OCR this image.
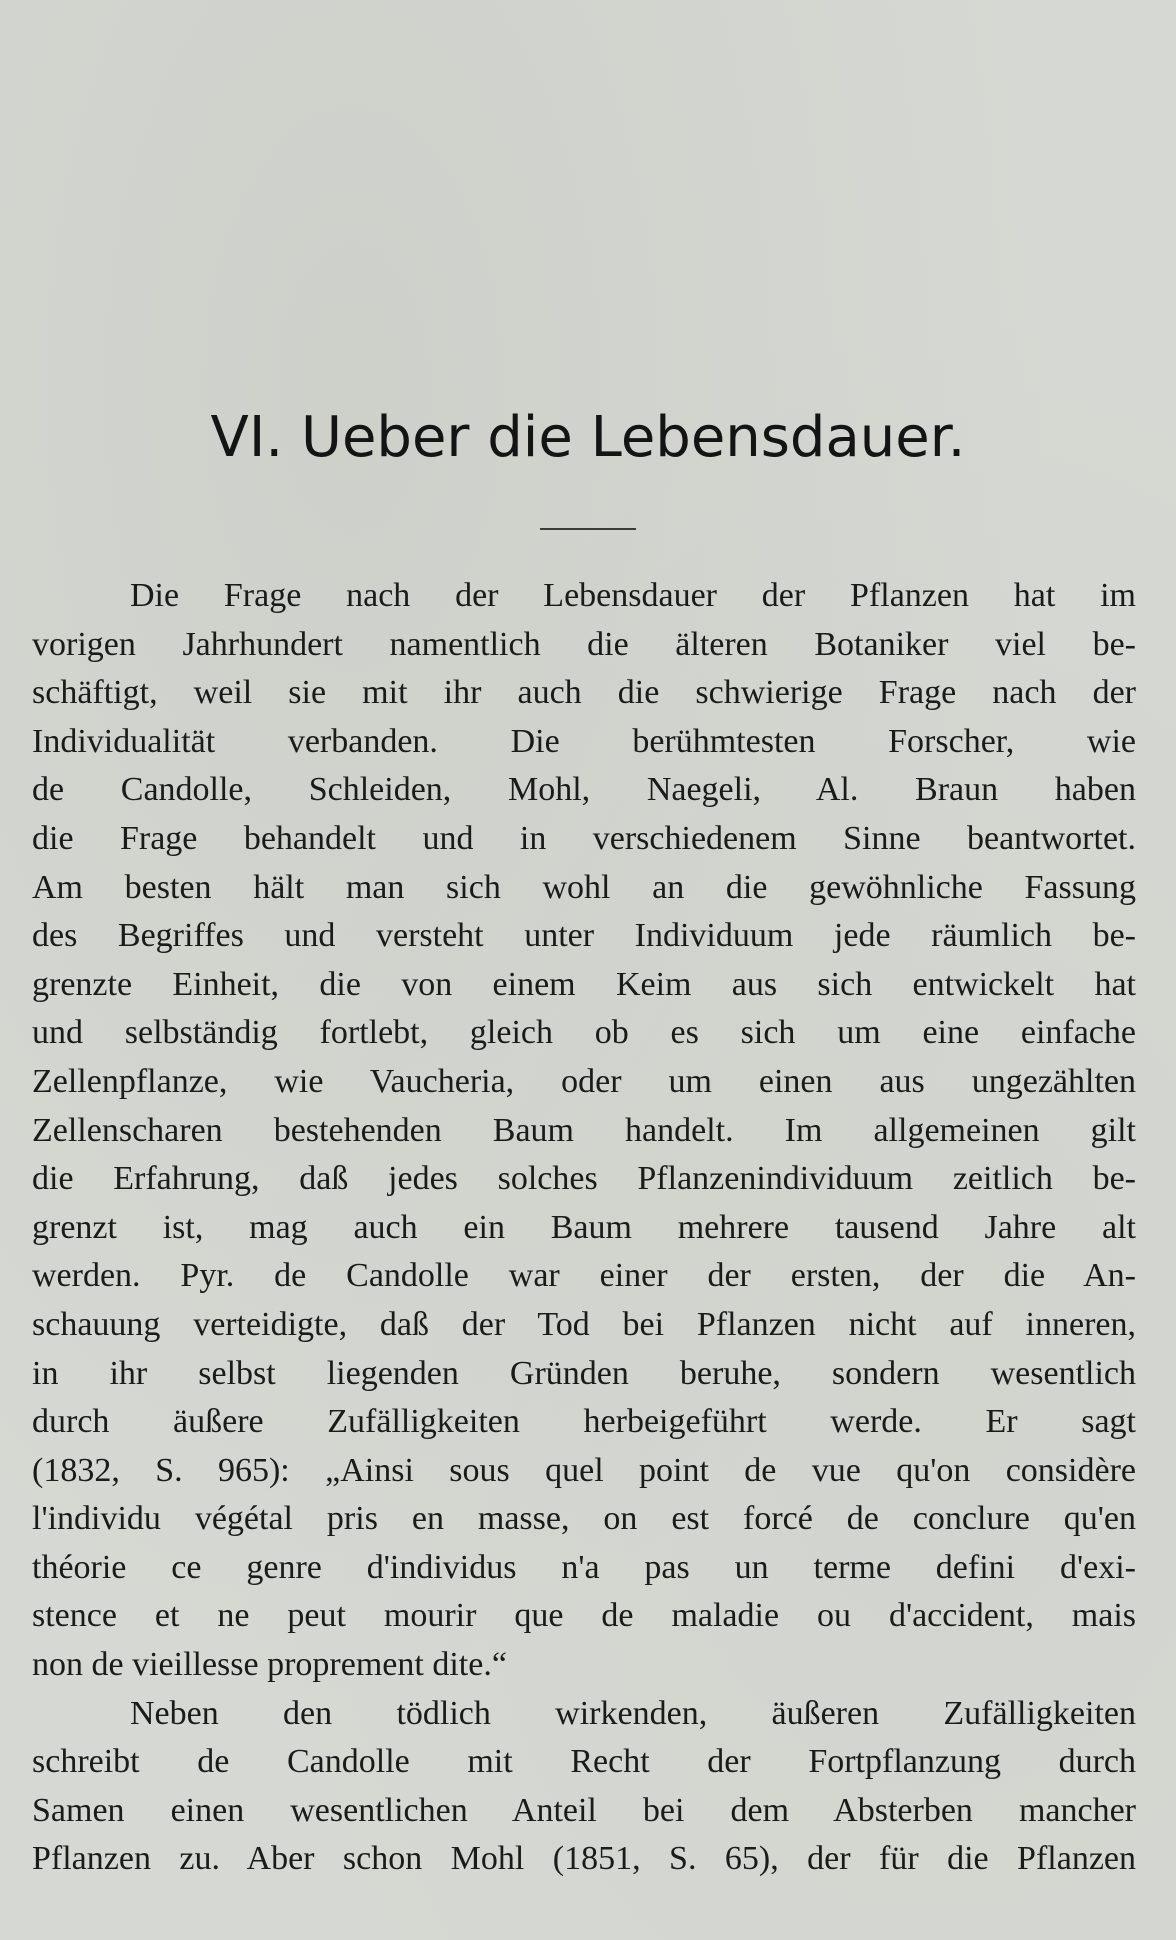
VI. Ueber die Lebensdauer.
Die Frage nach der Lebensdauer der Pflanzen hat im
vorigen Jahrhundert namentlich die älteren Botaniker viel be-
schäftigt, weil sie mit ihr auch die schwierige Frage nach der
Individualität verbanden. Die berühmtesten Forscher, wie
de Candolle, Schleiden, Mohl, Naegeli, Al. Braun haben
die Frage behandelt und in verschiedenem Sinne beantwortet.
Am besten hält man sich wohl an die gewöhnliche Fassung
des Begriffes und versteht unter Individuum jede räumlich be-
grenzte Einheit, die von einem Keim aus sich entwickelt hat
und selbständig fortlebt, gleich ob es sich um eine einfache
Zellenpflanze, wie Vaucheria, oder um einen aus ungezählten
Zellenscharen bestehenden Baum handelt. Im allgemeinen gilt
die Erfahrung, daß jedes solches Pflanzenindividuum zeitlich be-
grenzt ist, mag auch ein Baum mehrere tausend Jahre alt
werden. Pyr. de Candolle war einer der ersten, der die An-
schauung verteidigte, daß der Tod bei Pflanzen nicht auf inneren,
in ihr selbst liegenden Gründen beruhe, sondern wesentlich
durch äußere Zufälligkeiten herbeigeführt werde. Er sagt
(1832, S. 965): „Ainsi sous quel point de vue qu'on considère
l'individu végétal pris en masse, on est forcé de conclure qu'en
théorie ce genre d'individus n'a pas un terme defini d'exi-
stence et ne peut mourir que de maladie ou d'accident, mais
non de vieillesse proprement dite.“
Neben den tödlich wirkenden, äußeren Zufälligkeiten
schreibt de Candolle mit Recht der Fortpflanzung durch
Samen einen wesentlichen Anteil bei dem Absterben mancher
Pflanzen zu. Aber schon Mohl (1851, S. 65), der für die Pflanzen
